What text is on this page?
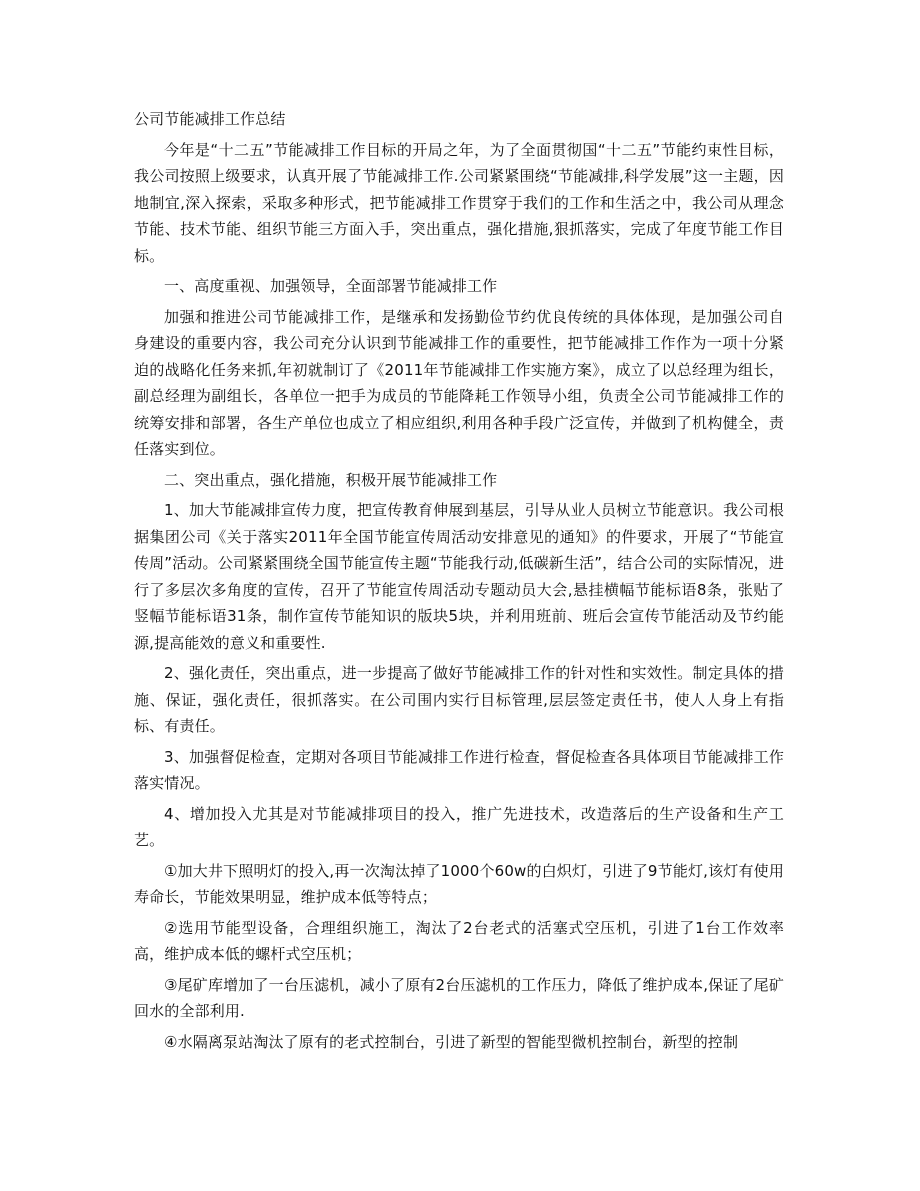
公司节能减排工作总结

今年是“十二五”节能减排工作目标的开局之年，为了全面贯彻国“十二五”节能约束性目标，我公司按照上级要求，认真开展了节能减排工作.公司紧紧围绕“节能减排,科学发展”这一主题，因地制宜,深入探索，采取多种形式，把节能减排工作贯穿于我们的工作和生活之中，我公司从理念节能、技术节能、组织节能三方面入手，突出重点，强化措施,狠抓落实，完成了年度节能工作目标。

一、高度重视、加强领导，全面部署节能减排工作

加强和推进公司节能减排工作，是继承和发扬勤俭节约优良传统的具体体现，是加强公司自身建设的重要内容，我公司充分认识到节能减排工作的重要性，把节能减排工作作为一项十分紧迫的战略化任务来抓,年初就制订了《2011年节能减排工作实施方案》，成立了以总经理为组长，副总经理为副组长，各单位一把手为成员的节能降耗工作领导小组，负责全公司节能减排工作的统筹安排和部署，各生产单位也成立了相应组织,利用各种手段广泛宣传，并做到了机构健全，责任落实到位。

二、突出重点，强化措施，积极开展节能减排工作

1、加大节能减排宣传力度，把宣传教育伸展到基层，引导从业人员树立节能意识。我公司根据集团公司《关于落实2011年全国节能宣传周活动安排意见的通知》的件要求，开展了“节能宣传周”活动。公司紧紧围绕全国节能宣传主题“节能我行动,低碳新生活”，结合公司的实际情况，进行了多层次多角度的宣传，召开了节能宣传周活动专题动员大会,悬挂横幅节能标语8条，张贴了竖幅节能标语31条，制作宣传节能知识的版块5块，并利用班前、班后会宣传节能活动及节约能源,提高能效的意义和重要性.

2、强化责任，突出重点，进一步提高了做好节能减排工作的针对性和实效性。制定具体的措施、保证，强化责任，很抓落实。在公司围内实行目标管理,层层签定责任书，使人人身上有指标、有责任。

3、加强督促检查，定期对各项目节能减排工作进行检查，督促检查各具体项目节能减排工作落实情况。

4、增加投入尤其是对节能减排项目的投入，推广先进技术，改造落后的生产设备和生产工艺。

①加大井下照明灯的投入,再一次淘汰掉了1000个60w的白炽灯，引进了9节能灯,该灯有使用寿命长，节能效果明显，维护成本低等特点；

②选用节能型设备，合理组织施工，淘汰了2台老式的活塞式空压机，引进了1台工作效率高，维护成本低的螺杆式空压机；

③尾矿库增加了一台压滤机，减小了原有2台压滤机的工作压力，降低了维护成本,保证了尾矿回水的全部利用.

④水隔离泵站淘汰了原有的老式控制台，引进了新型的智能型微机控制台，新型的控制
